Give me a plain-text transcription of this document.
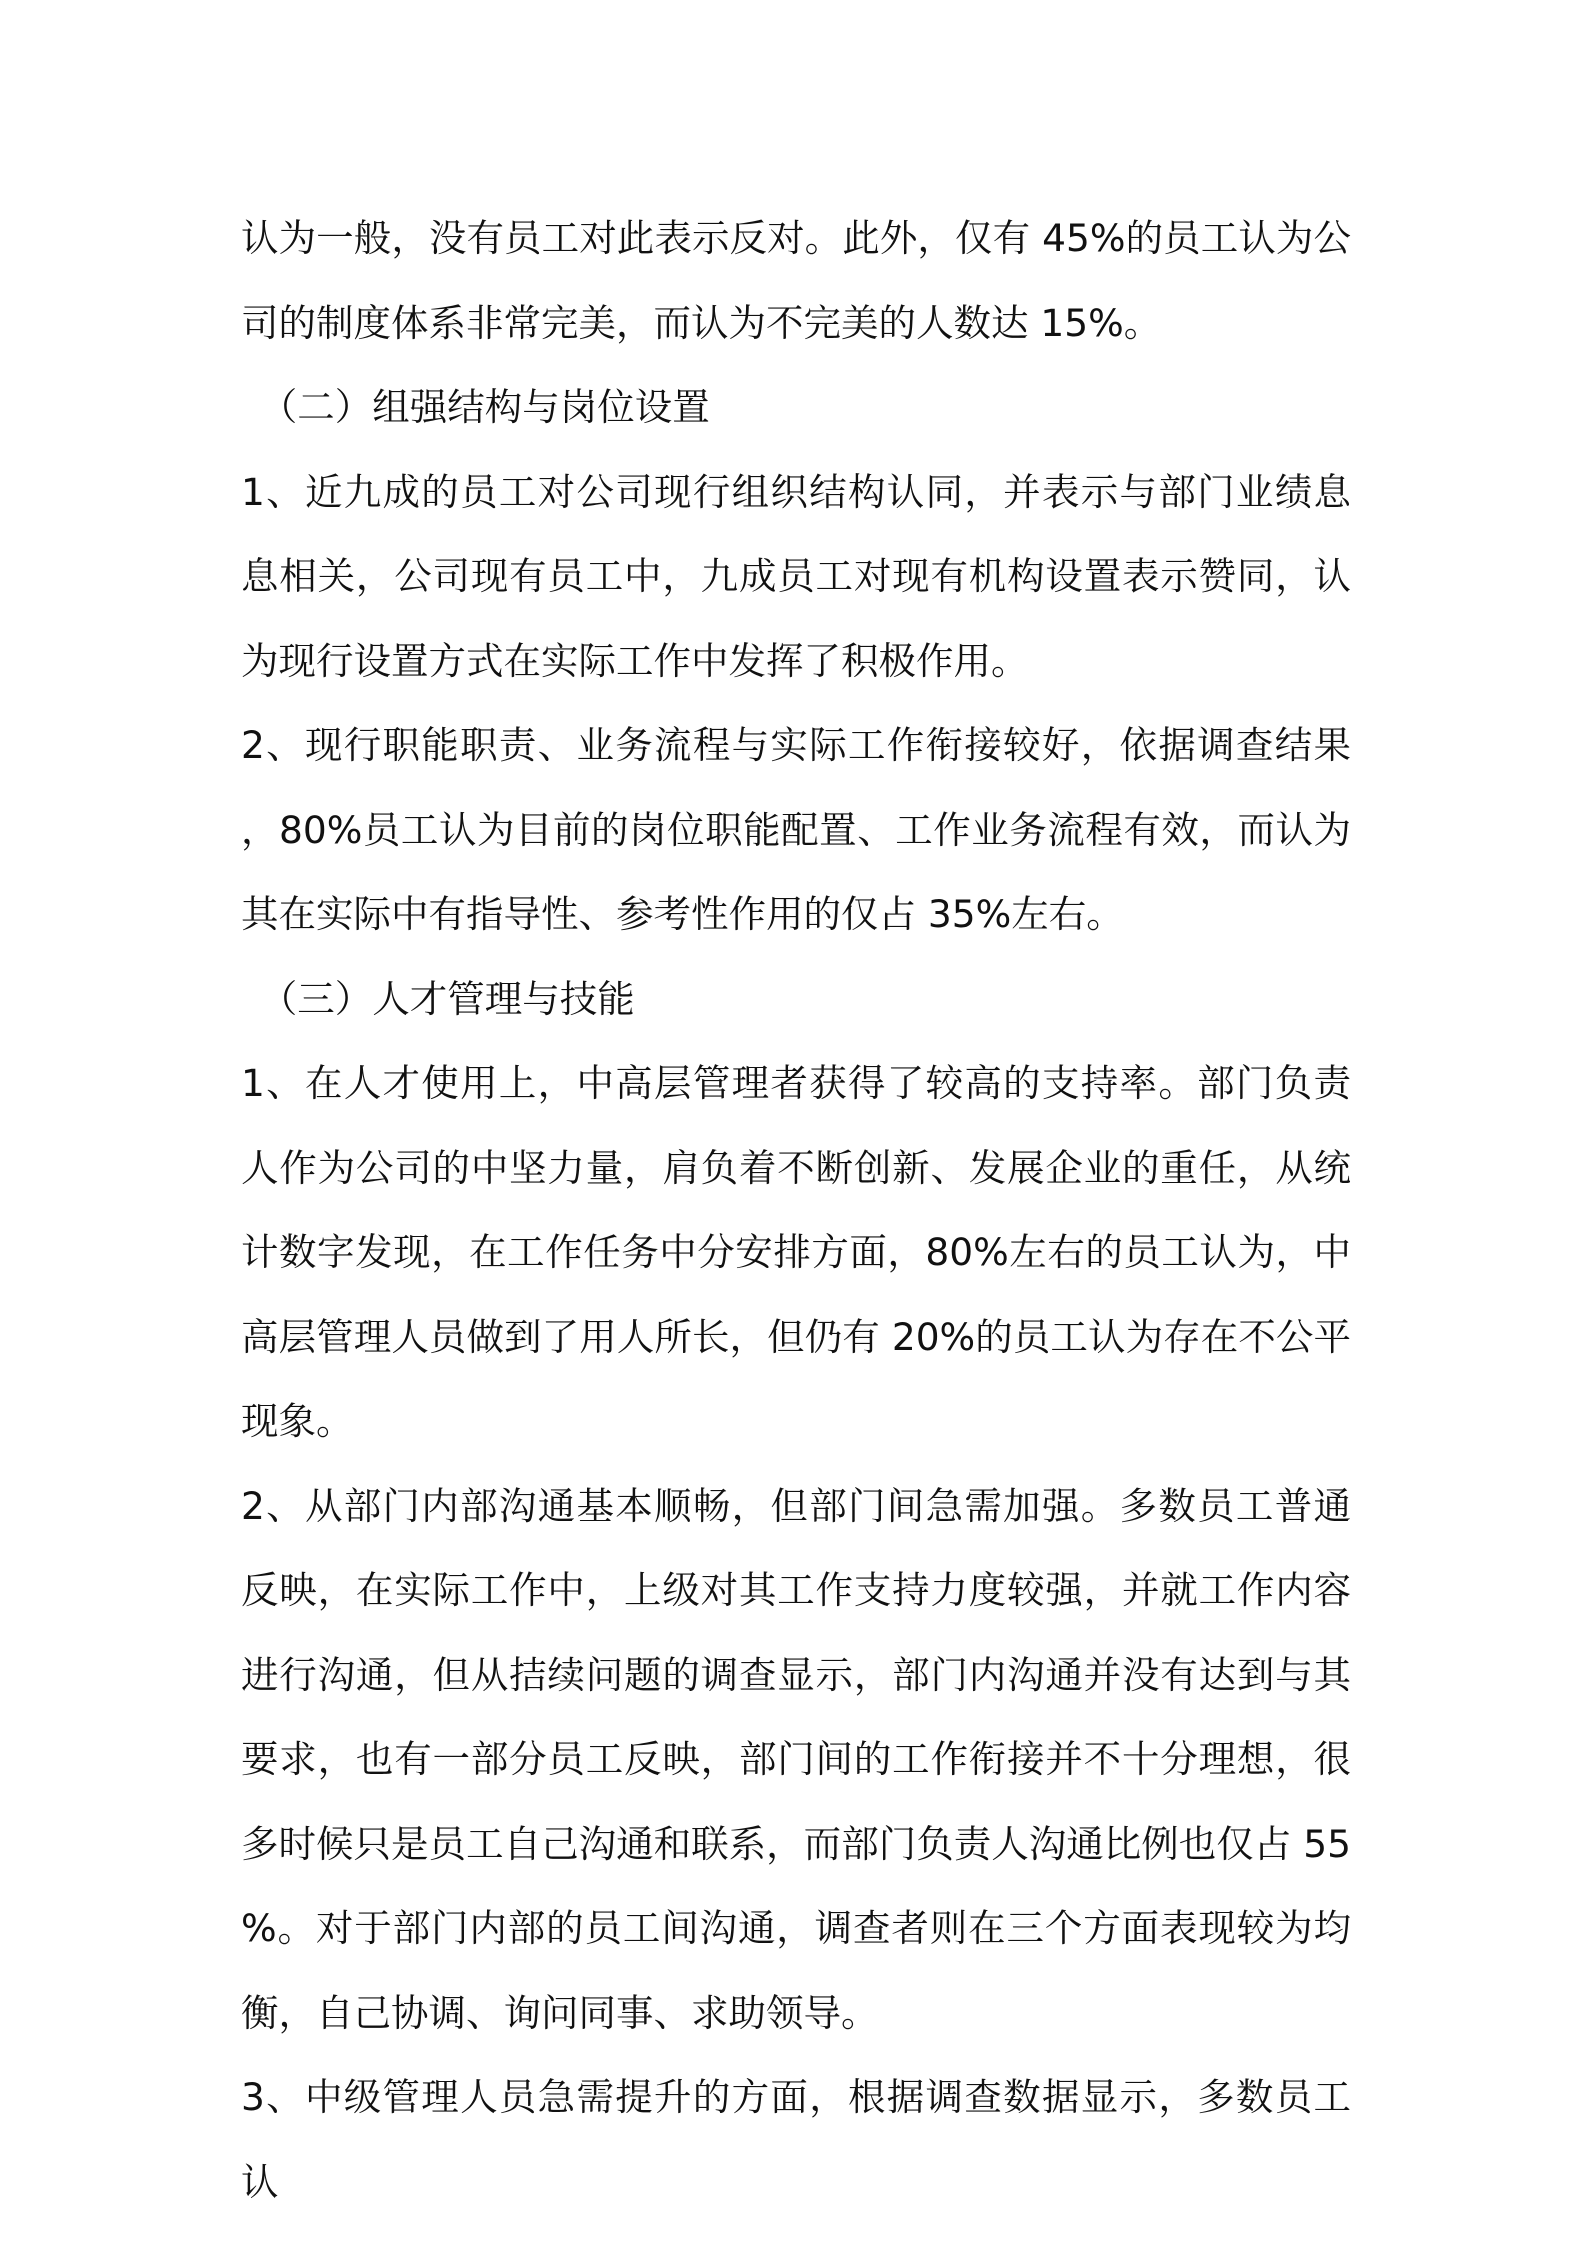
认为一般，没有员工对此表示反对。此外，仅有 45%的员工认为公司的制度体系非常完美，而认为不完美的人数达 15%。

（二）组强结构与岗位设置

1、近九成的员工对公司现行组织结构认同，并表示与部门业绩息息相关，公司现有员工中，九成员工对现有机构设置表示赞同，认为现行设置方式在实际工作中发挥了积极作用。

2、现行职能职责、业务流程与实际工作衔接较好，依据调查结果，80%员工认为目前的岗位职能配置、工作业务流程有效，而认为其在实际中有指导性、参考性作用的仅占 35%左右。

（三）人才管理与技能

1、在人才使用上，中高层管理者获得了较高的支持率。部门负责人作为公司的中坚力量，肩负着不断创新、发展企业的重任，从统计数字发现，在工作任务中分安排方面，80%左右的员工认为，中高层管理人员做到了用人所长，但仍有 20%的员工认为存在不公平现象。

2、从部门内部沟通基本顺畅，但部门间急需加强。多数员工普通反映，在实际工作中，上级对其工作支持力度较强，并就工作内容进行沟通，但从拮续问题的调查显示，部门内沟通并没有达到与其要求，也有一部分员工反映，部门间的工作衔接并不十分理想，很多时候只是员工自己沟通和联系，而部门负责人沟通比例也仅占 55%。对于部门内部的员工间沟通，调查者则在三个方面表现较为均衡，自己协调、询问同事、求助领导。

3、中级管理人员急需提升的方面，根据调查数据显示，多数员工认
